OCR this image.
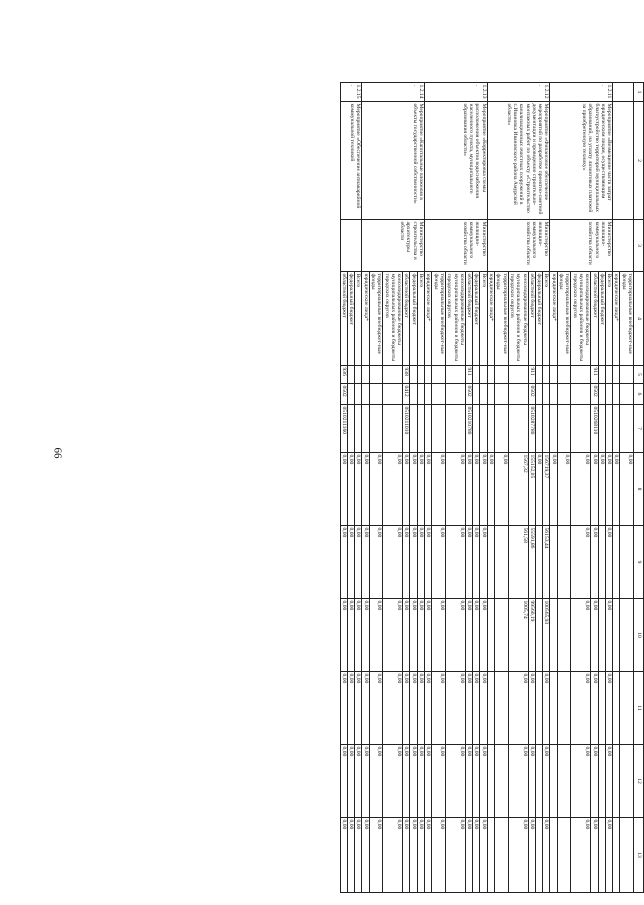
66
1	2	3	4	5	6	7	8	9	10	11	12	13
			территориальные внебюджет-ные фонды				0,00					
			юридические лица*				0,00					
1.2.11.	Мероприятие «Возмещение части затрат юридическим лицам, осуществляющим благоустройство территорий муниципальных образований, на уплату лизинговых платежей за приобретенную технику»	Министерство жилищно-коммунального хозяйства области	Всего				0,00	0,00	0,00	0,00	0,00	0,00
			федеральный бюджет				0,00					
			областной бюджет	911	0502	0510268110	0,00	0,00	0,00	0,00	0,00	0,00
			консолидированные бюджеты муниципальных районов и бюджеты городских округов				0,00	0,00	0,00	0,00	0,00	0,00
			территориальные внебюджет-ные фонды				0,00					
			юридические лица*				0,00					
1.2.12.	Мероприятие «Финансовое обеспечение мероприятий по разработке проектно-сметной документации и проведению строительно-монтажных работ по объекту «Строительство канализационных очистных сооружений в с.Ивановка Ивановского района Амурской области»	Министерство жилищно-коммунального хозяйства области	Всего				156719,37	56153,44	100565,93	0,00	0,00	0,00
			федеральный бюджет				0,00					
			областной бюджет	911	0502	0510287780	155152,05	55591,86	99560,19	0,00	0,00	0,00
			консолидированные бюджеты муниципальных районов и бюджеты городских округов				1567,32	561,58	1005,74	0,00	0,00	0,00
			территориальные внебюджет-ные фонды				0,00					
			юридические лица*				0,00					
1.2.13.	Мероприятие «Корректировка схемы расположения объектов водоснабжения населенного пункта, муниципального образования области»	Министерство жилищно-коммунального хозяйства области	Всего				0,00	0,00	0,00	0,00	0,00	0,00
			федеральный бюджет				0,00	0,00	0,00	0,00	0,00	0,00
			областной бюджет	911	0502	0510210780	0,00	0,00	0,00	0,00	0,00	0,00
			консолидированные бюджеты муниципальных районов и бюджеты городских округов				0,00	0,00	0,00	0,00	0,00	0,00
			территориальные внебюджет-ные фонды				0,00	0,00	0,00	0,00	0,00	0,00
			юридические лица*				0,00	0,00	0,00	0,00	0,00	0,00
1.2.14.	Мероприятие «Капитальные вложения в объекты государственной собственности»	Министерство строительства и архитектуры области	Всего				0,00	0,00	0,00	0,00	0,00	0,00
			федеральный бюджет				0,00	0,00	0,00	0,00	0,00	0,00
			областной бюджет	938	0412	0510211010	0,00	0,00	0,00	0,00	0,00	0,00
			консолидированные бюджеты муниципальных районов и бюджеты городских округов				0,00	0,00	0,00	0,00	0,00	0,00
			территориальные внебюджет-ные фонды				0,00	0,00	0,00	0,00	0,00	0,00
			юридические лица*				0,00	0,00	0,00	0,00	0,00	0,00
1.2.15.	Мероприятие «Обеспечение антиаварийной коммунальной техникой		Всего				0,00	0,00	0,00	0,00	0,00	0,00
			федеральный бюджет				0,00	0,00	0,00	0,00	0,00	0,00
			областной бюджет	936	0502	0510211160	0,00	0,00	0,00	0,00	0,00	0,00
